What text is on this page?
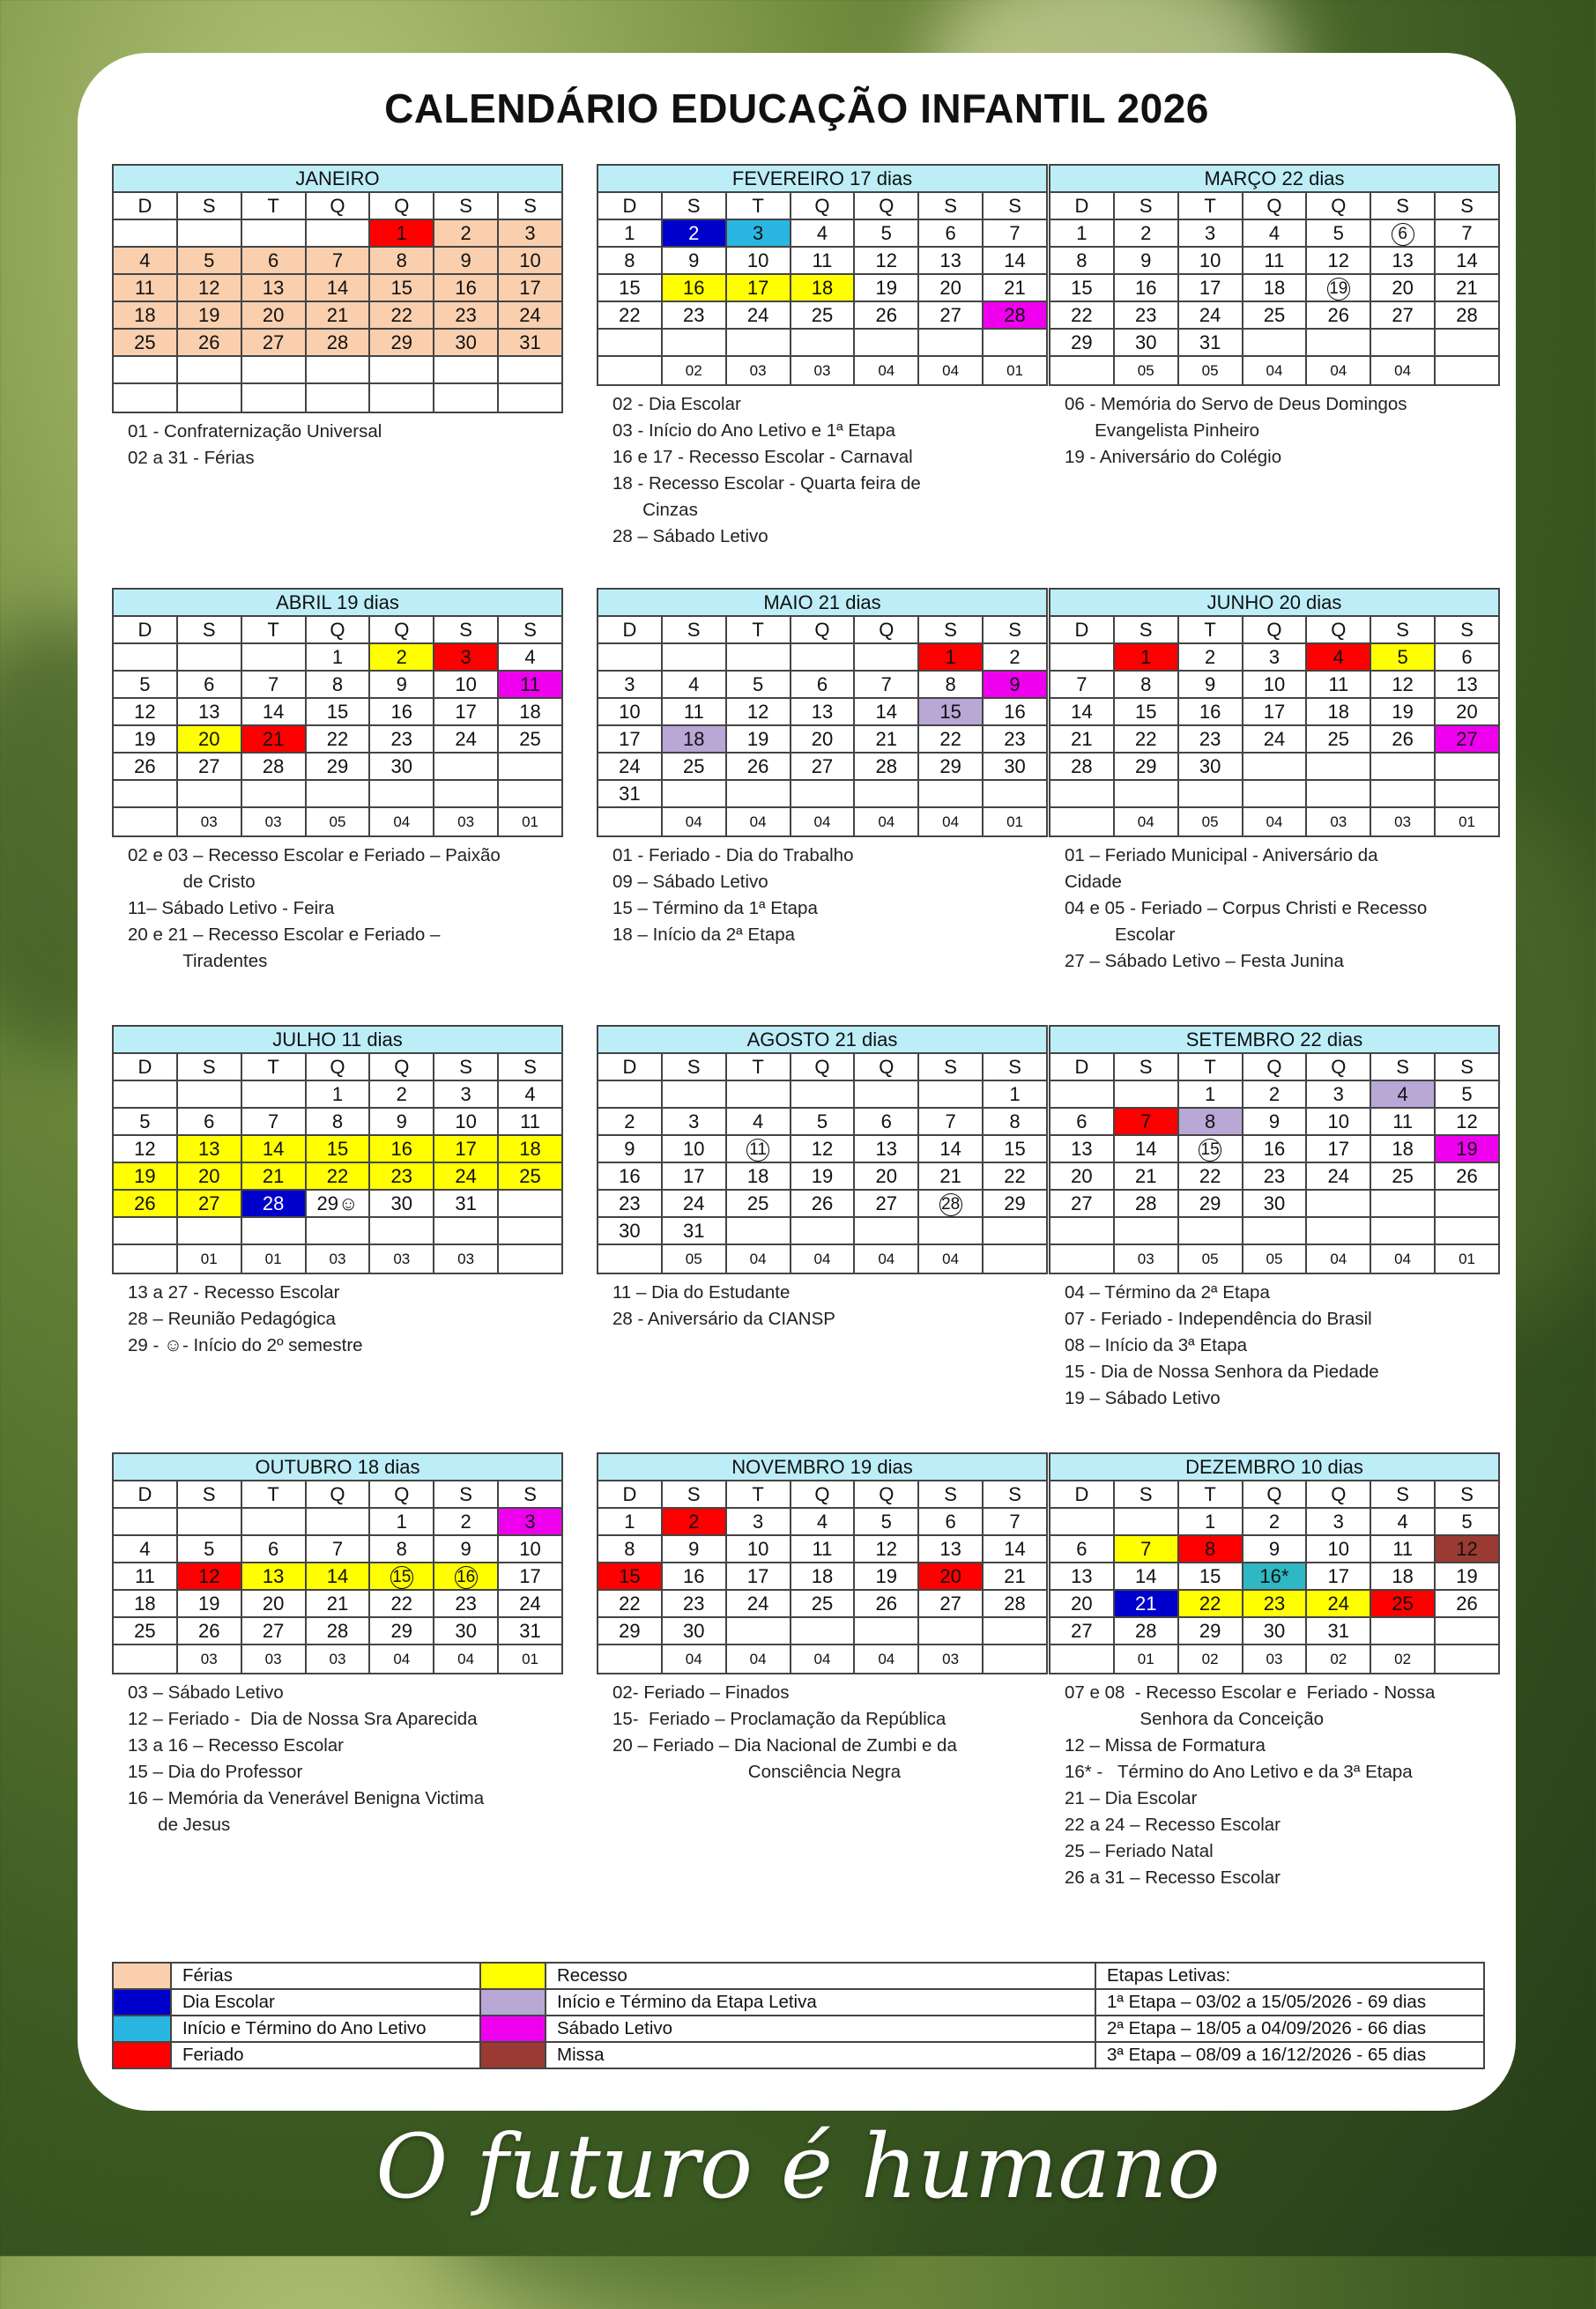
CALENDÁRIO EDUCAÇÃO INFANTIL 2026
JANEIRO						
D	S	T	Q	Q	S	S
				1	2	3
4	5	6	7	8	9	10
11	12	13	14	15	16	17
18	19	20	21	22	23	24
25	26	27	28	29	30	31

01 - Confraternização Universal
02 a 31 - Férias
FEVEREIRO 17 dias						
D	S	T	Q	Q	S	S
1	2	3	4	5	6	7
8	9	10	11	12	13	14
15	16	17	18	19	20	21
22	23	24	25	26	27	28

	02	03	03	04	04	01
02 - Dia Escolar
03 - Início do Ano Letivo e 1ª Etapa
16 e 17 - Recesso Escolar - Carnaval
18 - Recesso Escolar - Quarta feira de
Cinzas
28 – Sábado Letivo
MARÇO 22 dias						
D	S	T	Q	Q	S	S
1	2	3	4	5	6	7
8	9	10	11	12	13	14
15	16	17	18	19	20	21
22	23	24	25	26	27	28
29	30	31				
	05	05	04	04	04	
06 - Memória do Servo de Deus Domingos
Evangelista Pinheiro
19 - Aniversário do Colégio
ABRIL 19 dias						
D	S	T	Q	Q	S	S
			1	2	3	4
5	6	7	8	9	10	11
12	13	14	15	16	17	18
19	20	21	22	23	24	25
26	27	28	29	30		

	03	03	05	04	03	01
02 e 03 – Recesso Escolar e Feriado – Paixão
de Cristo
11– Sábado Letivo - Feira
20 e 21 – Recesso Escolar e Feriado –
Tiradentes
MAIO 21 dias						
D	S	T	Q	Q	S	S
					1	2
3	4	5	6	7	8	9
10	11	12	13	14	15	16
17	18	19	20	21	22	23
24	25	26	27	28	29	30
31						
	04	04	04	04	04	01
01 - Feriado - Dia do Trabalho
09 – Sábado Letivo
15 – Término da 1ª Etapa
18 – Início da 2ª Etapa
JUNHO 20 dias						
D	S	T	Q	Q	S	S
	1	2	3	4	5	6
7	8	9	10	11	12	13
14	15	16	17	18	19	20
21	22	23	24	25	26	27
28	29	30				

	04	05	04	03	03	01
01 – Feriado Municipal - Aniversário da
Cidade
04 e 05 - Feriado – Corpus Christi e Recesso
Escolar
27 – Sábado Letivo – Festa Junina
JULHO 11 dias						
D	S	T	Q	Q	S	S
			1	2	3	4
5	6	7	8	9	10	11
12	13	14	15	16	17	18
19	20	21	22	23	24	25
26	27	28	29☺	30	31	

	01	01	03	03	03	
13 a 27 - Recesso Escolar
28 – Reunião Pedagógica
29 - ☺- Início do 2º semestre
AGOSTO 21 dias						
D	S	T	Q	Q	S	S
						1
2	3	4	5	6	7	8
9	10	11	12	13	14	15
16	17	18	19	20	21	22
23	24	25	26	27	28	29
30	31					
	05	04	04	04	04	
11 – Dia do Estudante
28 - Aniversário da CIANSP
SETEMBRO 22 dias						
D	S	T	Q	Q	S	S
		1	2	3	4	5
6	7	8	9	10	11	12
13	14	15	16	17	18	19
20	21	22	23	24	25	26
27	28	29	30			

	03	05	05	04	04	01
04 – Término da 2ª Etapa
07 - Feriado - Independência do Brasil
08 – Início da 3ª Etapa
15 - Dia de Nossa Senhora da Piedade
19 – Sábado Letivo
OUTUBRO 18 dias						
D	S	T	Q	Q	S	S
				1	2	3
4	5	6	7	8	9	10
11	12	13	14	15	16	17
18	19	20	21	22	23	24
25	26	27	28	29	30	31
	03	03	03	04	04	01
03 – Sábado Letivo
12 – Feriado -  Dia de Nossa Sra Aparecida
13 a 16 – Recesso Escolar
15 – Dia do Professor
16 – Memória da Venerável Benigna Victima
de Jesus
NOVEMBRO 19 dias						
D	S	T	Q	Q	S	S
1	2	3	4	5	6	7
8	9	10	11	12	13	14
15	16	17	18	19	20	21
22	23	24	25	26	27	28
29	30					
	04	04	04	04	03	
02- Feriado – Finados
15-  Feriado – Proclamação da República
20 – Feriado – Dia Nacional de Zumbi e da
Consciência Negra
DEZEMBRO 10 dias						
D	S	T	Q	Q	S	S
		1	2	3	4	5
6	7	8	9	10	11	12
13	14	15	16*	17	18	19
20	21	22	23	24	25	26
27	28	29	30	31		
	01	02	03	02	02	
07 e 08  - Recesso Escolar e  Feriado - Nossa
Senhora da Conceição
12 – Missa de Formatura
16* -   Término do Ano Letivo e da 3ª Etapa
21 – Dia Escolar
22 a 24 – Recesso Escolar
25 – Feriado Natal
26 a 31 – Recesso Escolar
	Férias		Recesso	Etapas Letivas:
	Dia Escolar		Início e Término da Etapa Letiva	1ª Etapa – 03/02 a 15/05/2026 - 69 dias
	Início e Término do Ano Letivo		Sábado Letivo	2ª Etapa – 18/05 a 04/09/2026 - 66 dias
	Feriado		Missa	3ª Etapa – 08/09 a 16/12/2026 - 65 dias
O futuro é humano
